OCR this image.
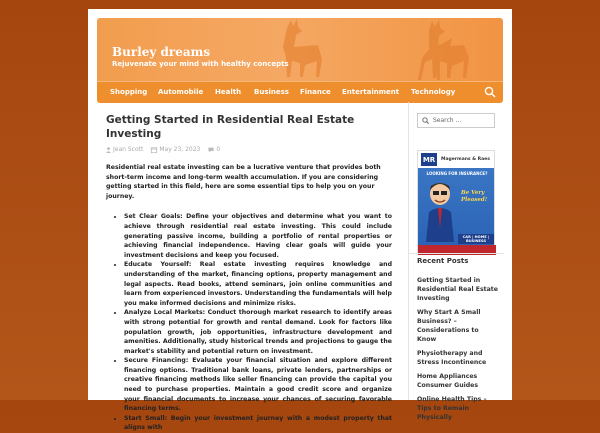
Burley dreams
Rejuvenate your mind with healthy concepts
Shopping Automobile Health Business Finance Entertainment Technology
Getting Started in Residential Real Estate Investing
Jean Scott	May 23, 2023	0

Residential real estate investing can be a lucrative venture that provides both short-term income and long-term wealth accumulation. If you are considering getting started in this field, here are some essential tips to help you on your journey.

• Set Clear Goals: Define your objectives and determine what you want to achieve through residential real estate investing. This could include generating passive income, building a portfolio of rental properties or achieving financial independence. Having clear goals will guide your investment decisions and keep you focused.
• Educate Yourself: Real estate investing requires knowledge and understanding of the market, financing options, property management and legal aspects. Read books, attend seminars, join online communities and learn from experienced investors. Understanding the fundamentals will help you make informed decisions and minimize risks.
• Analyze Local Markets: Conduct thorough market research to identify areas with strong potential for growth and rental demand. Look for factors like population growth, job opportunities, infrastructure development and amenities. Additionally, study historical trends and projections to gauge the market's stability and potential return on investment.
• Secure Financing: Evaluate your financial situation and explore different financing options. Traditional bank loans, private lenders, partnerships or creative financing methods like seller financing can provide the capital you need to purchase properties. Maintain a good credit score and organize your financial documents to increase your chances of securing favorable financing terms.
• Start Small: Begin your investment journey with a modest property that aligns with
Search ...
MR	Magermans & Raes
LOOKING FOR INSURANCE?
Be Very Pleased!
CAR | HOME | BUSINESS
Recent Posts
Getting Started in Residential Real Estate Investing
Why Start A Small Business? – Considerations to Know
Physiotherapy and Stress Incontinence
Home Appliances Consumer Guides
Online Health Tips – Tips to Remain Physically
